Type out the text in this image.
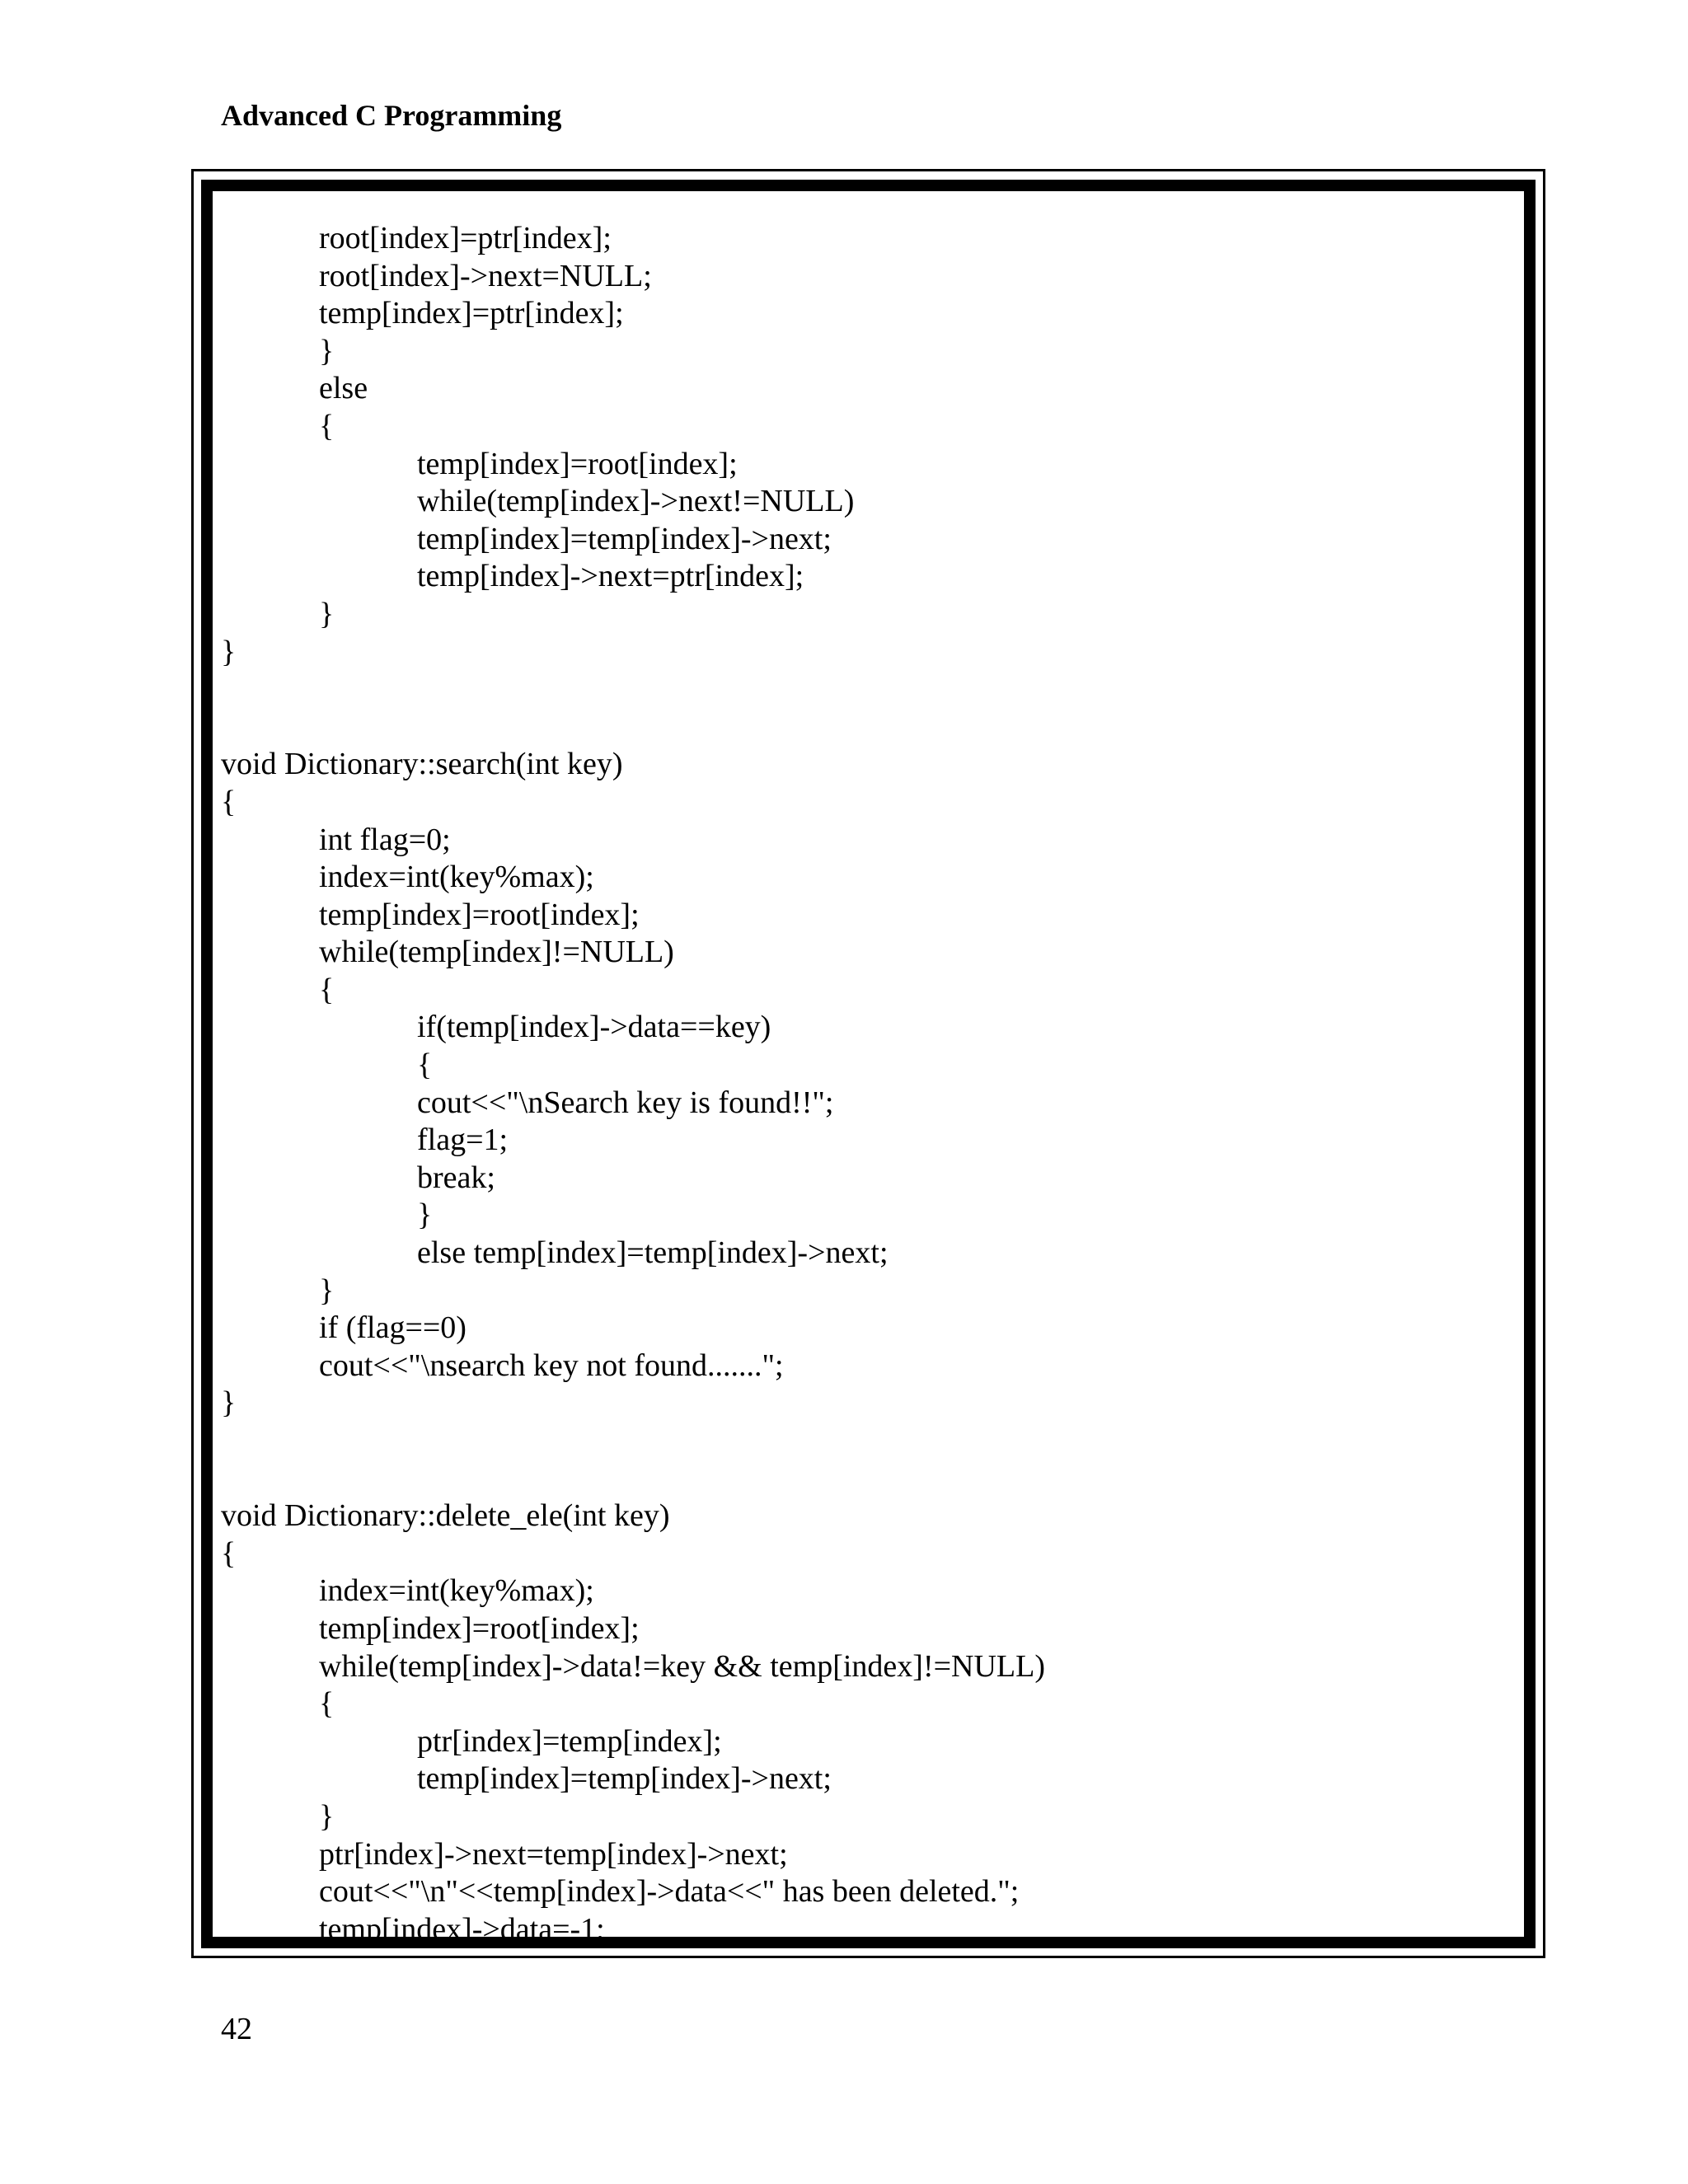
Advanced C Programming
root[index]=ptr[index];
root[index]->next=NULL;
temp[index]=ptr[index];
}
else
{
temp[index]=root[index];
while(temp[index]->next!=NULL)
temp[index]=temp[index]->next;
temp[index]->next=ptr[index];
}
}
void Dictionary::search(int key)
{
int flag=0;
index=int(key%max);
temp[index]=root[index];
while(temp[index]!=NULL)
{
if(temp[index]->data==key)
{
cout<<"\nSearch key is found!!";
flag=1;
break;
}
else temp[index]=temp[index]->next;
}
if (flag==0)
cout<<"\nsearch key not found.......";
}
void Dictionary::delete_ele(int key)
{
index=int(key%max);
temp[index]=root[index];
while(temp[index]->data!=key && temp[index]!=NULL)
{
ptr[index]=temp[index];
temp[index]=temp[index]->next;
}
ptr[index]->next=temp[index]->next;
cout<<"\n"<<temp[index]->data<<" has been deleted.";
temp[index]->data=-1;
42
